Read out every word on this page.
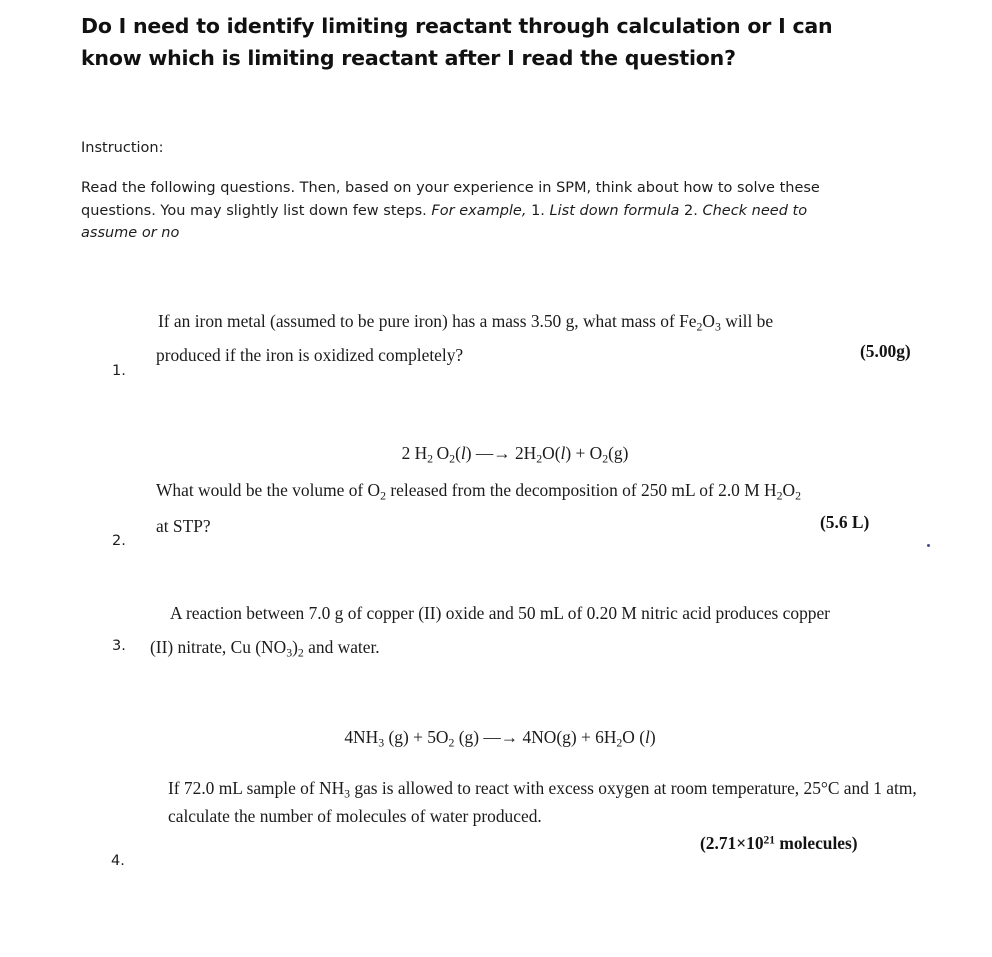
Do I need to identify limiting reactant through calculation or I can know which is limiting reactant after I read the question?
Instruction:
Read the following questions. Then, based on your experience in SPM, think about how to solve these questions. You may slightly list down few steps. For example, 1. List down formula 2. Check need to assume or no
1.
If an iron metal (assumed to be pure iron) has a mass 3.50 g, what mass of $Fe_2O_3$ will be
produced if the iron is oxidized completely?	(5.00g)
2.
2 $H_2$ $O_2(l)$ —→ $2H_2O(l) + O_2(g)$
What would be the volume of $O_2$ released from the decomposition of 250 mL of 2.0 M $H_2O_2$
at STP?	(5.6 L)
3.
A reaction between 7.0 g of copper (II) oxide and 50 mL of 0.20 M nitric acid produces copper
(II) nitrate, Cu $(NO_3)_2$ and water.
4.
$4NH_3$ $(g) + 5O_2$ (g) —→ $4NO(g) + 6H_2O$ (l)
If 72.0 mL sample of $NH_3$ gas is allowed to react with excess oxygen at room temperature, 25°C and 1 atm, calculate the number of molecules of water produced.
($2.71\times 10^{21}$ molecules)
